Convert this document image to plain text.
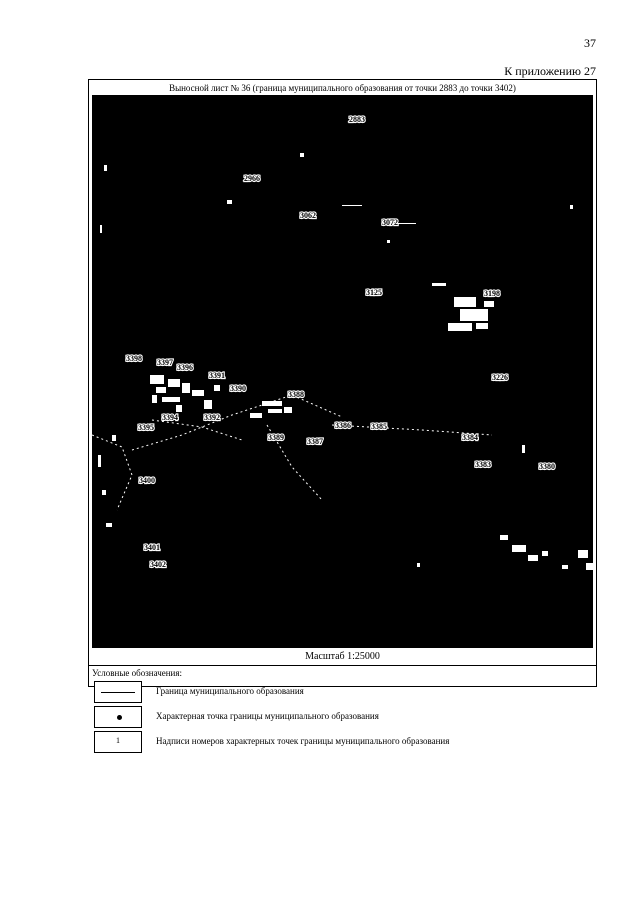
37
К приложению 27
Выносной лист № 36 (граница муниципального образования от точки 2883 до точки 3402)
2883
2966
3062
3072
3125	3198
3226
3398 3397
3396
3391
3390
3388
3395
3394	3392
3389	3387
3386	3385
3384
3383	3380
3400
3401
3402
Масштаб 1:25000
Условные обозначения:
Граница муниципального образования
Характерная точка границы муниципального образования
1	Надписи номеров характерных точек границы муниципального образования
